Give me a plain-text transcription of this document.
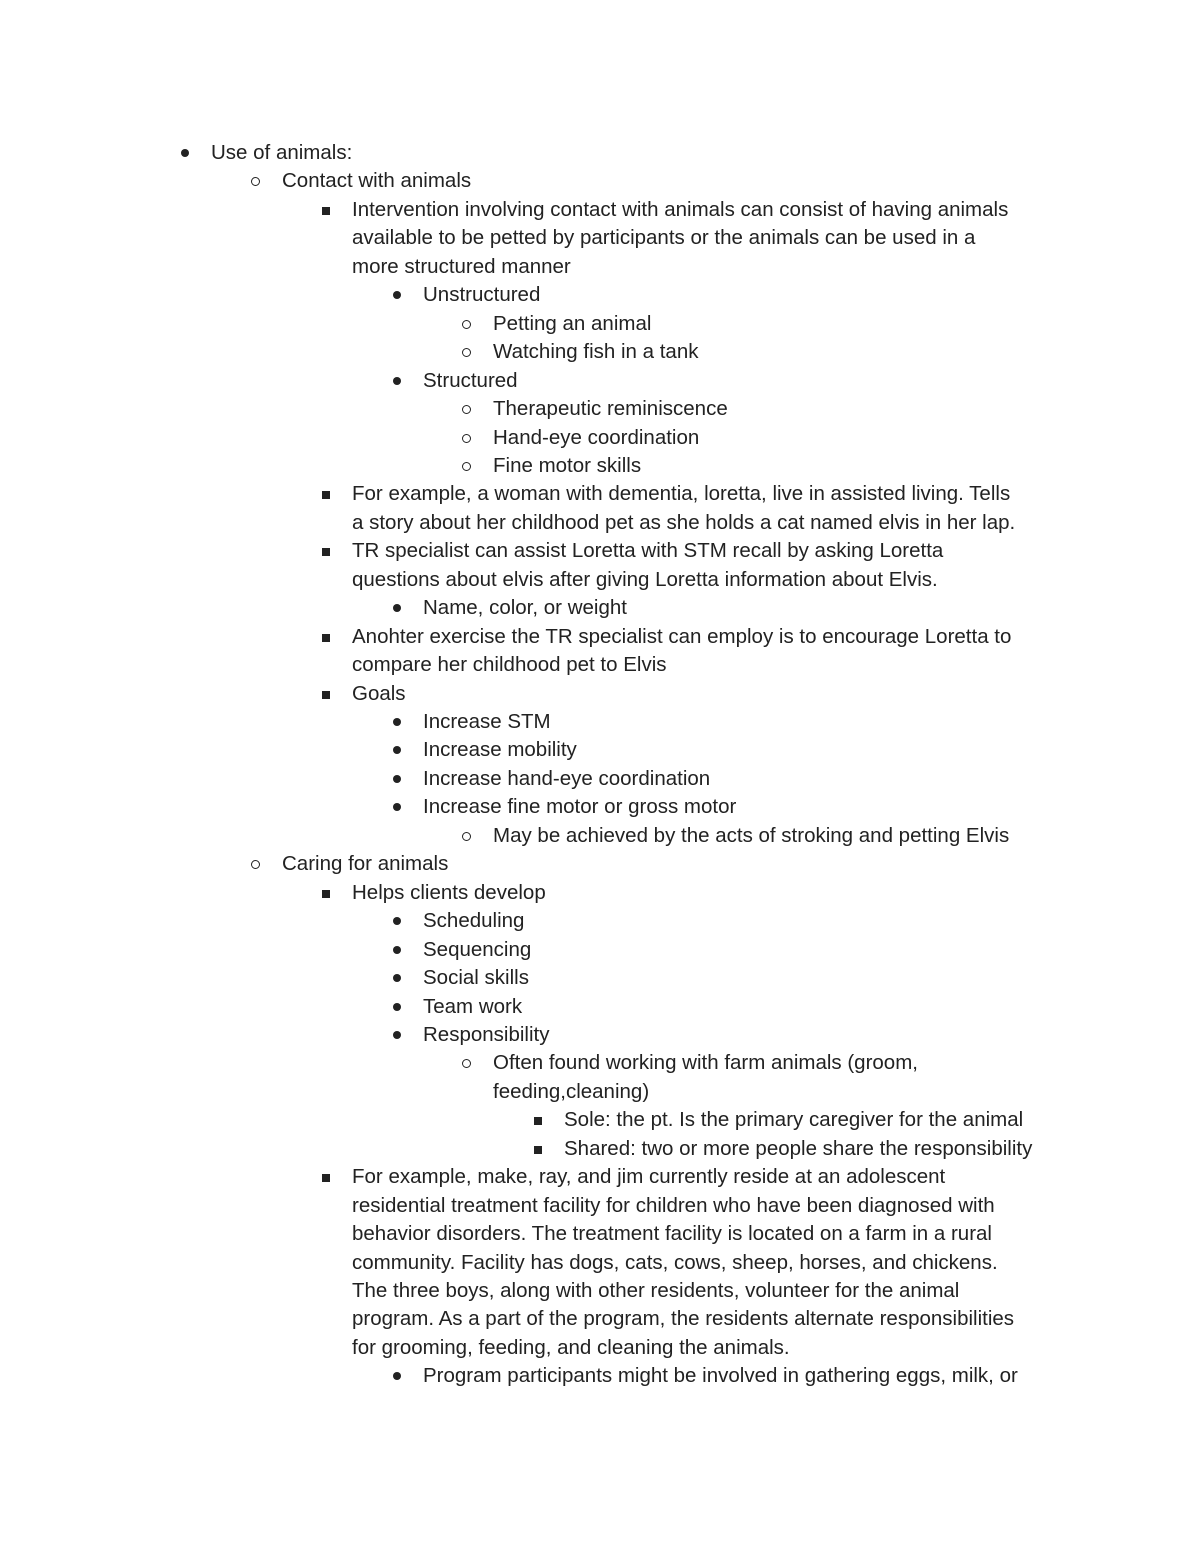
Use of animals:
Contact with animals
Intervention involving contact with animals can consist of having animals
available to be petted by participants or the animals can be used in a
more structured manner
Unstructured
Petting an animal
Watching fish in a tank
Structured
Therapeutic reminiscence
Hand-eye coordination
Fine motor skills
For example, a woman with dementia, loretta, live in assisted living. Tells
a story about her childhood pet as she holds a cat named elvis in her lap.
TR specialist can assist Loretta with STM recall by asking Loretta
questions about elvis after giving Loretta information about Elvis.
Name, color, or weight
Anohter exercise the TR specialist can employ is to encourage Loretta to
compare her childhood pet to Elvis
Goals
Increase STM
Increase mobility
Increase hand-eye coordination
Increase fine motor or gross motor
May be achieved by the acts of stroking and petting Elvis
Caring for animals
Helps clients develop
Scheduling
Sequencing
Social skills
Team work
Responsibility
Often found working with farm animals (groom,
feeding,cleaning)
Sole: the pt. Is the primary caregiver for the animal
Shared: two or more people share the responsibility
For example, make, ray, and jim currently reside at an adolescent
residential treatment facility for children who have been diagnosed with
behavior disorders. The treatment facility is located on a farm in a rural
community. Facility has dogs, cats, cows, sheep, horses, and chickens.
The three boys, along with other residents, volunteer for the animal
program. As a part of the program, the residents alternate responsibilities
for grooming, feeding, and cleaning the animals.
Program participants might be involved in gathering eggs, milk, or
